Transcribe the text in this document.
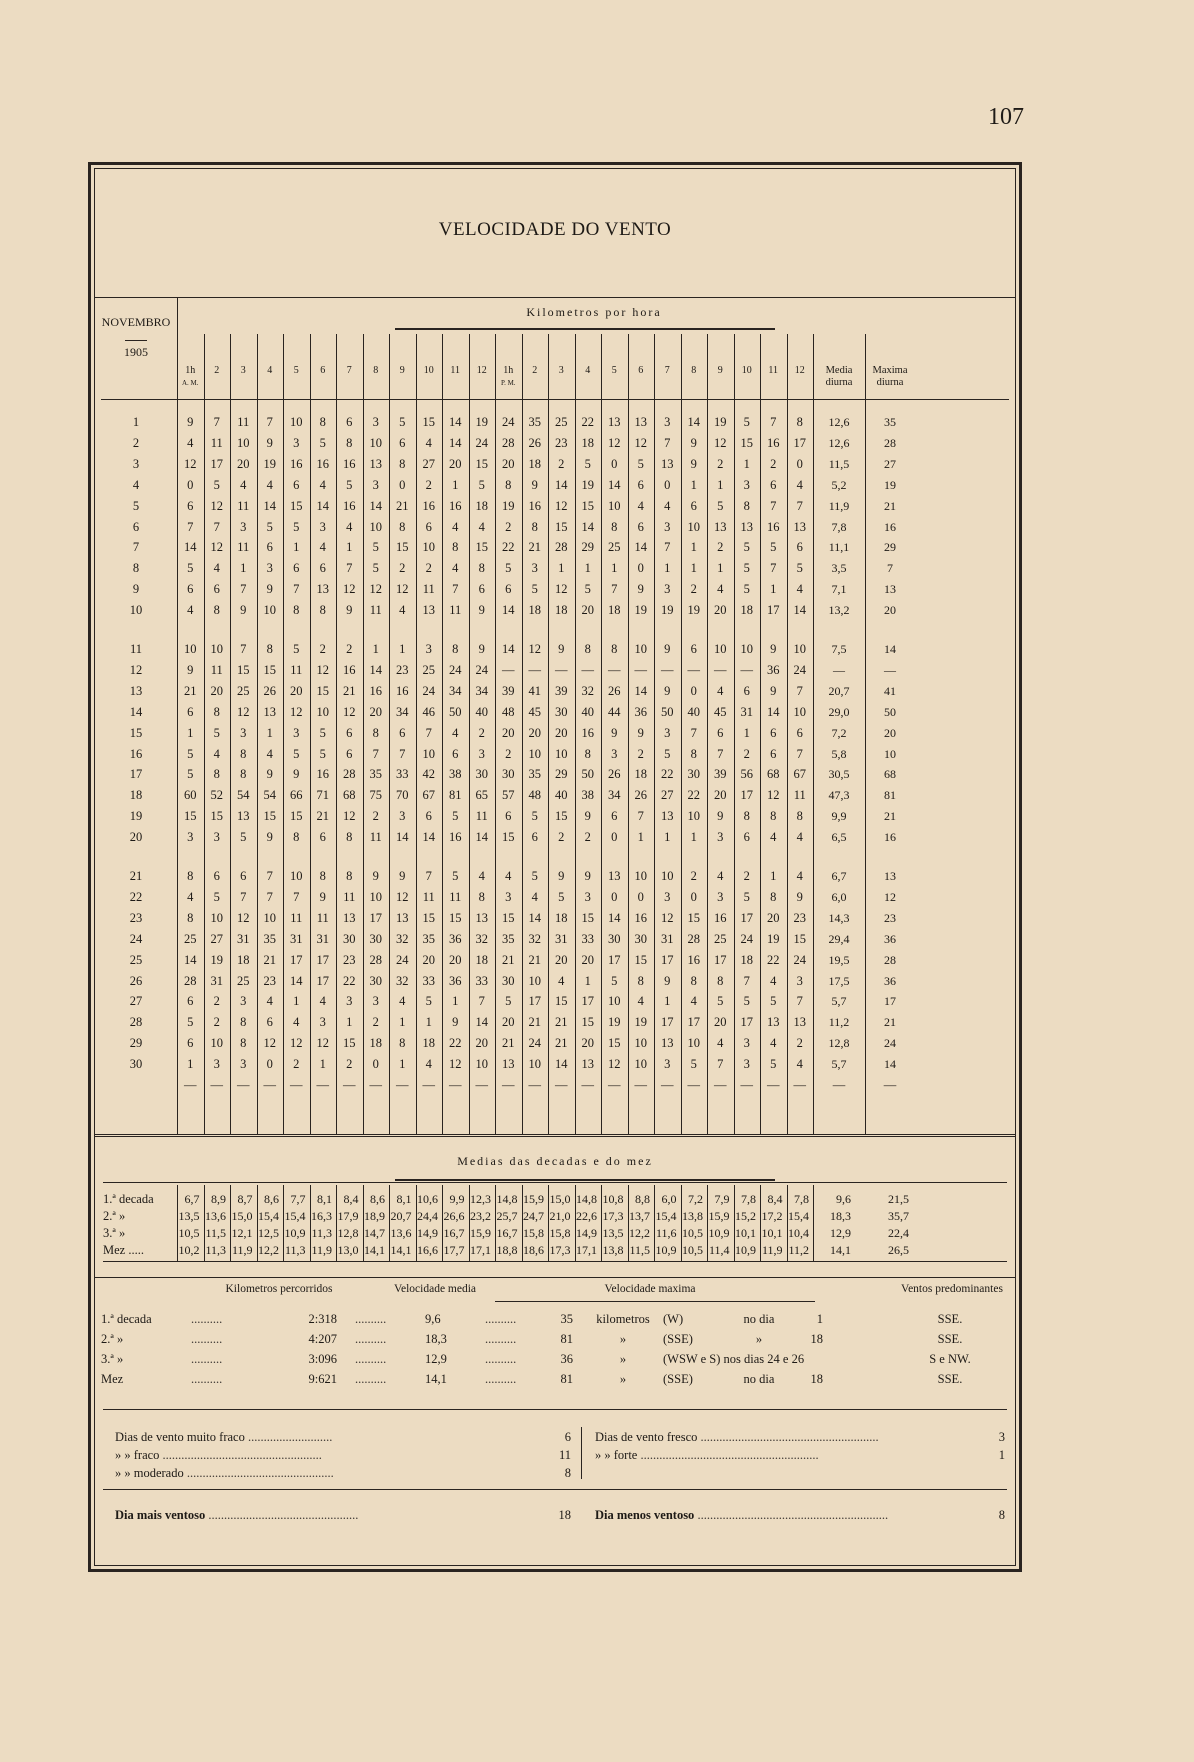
107
VELOCIDADE DO VENTO
NOVEMBRO
1905
Kilometros por hora
1h
A. M.
2	3	4	5	6	7	8	9	10	11	12	1h
P. M.
2	3	4	5	6	7	8	9	10	11	12	Media
diurna
Maxima
diurna
1	9	7	11	7	10	8	6	3	5	15	14	19	24	35	25	22	13	13	3	14	19	5	7	8	12,6	35
2	4	11	10	9	3	5	8	10	6	4	14	24	28	26	23	18	12	12	7	9	12	15	16	17	12,6	28
3	12	17	20	19	16	16	16	13	8	27	20	15	20	18	2	5	0	5	13	9	2	1	2	0	11,5	27
4	0	5	4	4	6	4	5	3	0	2	1	5	8	9	14	19	14	6	0	1	1	3	6	4	5,2	19
5	6	12	11	14	15	14	16	14	21	16	16	18	19	16	12	15	10	4	4	6	5	8	7	7	11,9	21
6	7	7	3	5	5	3	4	10	8	6	4	4	2	8	15	14	8	6	3	10	13	13	16	13	7,8	16
7	14	12	11	6	1	4	1	5	15	10	8	15	22	21	28	29	25	14	7	1	2	5	5	6	11,1	29
8	5	4	1	3	6	6	7	5	2	2	4	8	5	3	1	1	1	0	1	1	1	5	7	5	3,5	7
9	6	6	7	9	7	13	12	12	12	11	7	6	6	5	12	5	7	9	3	2	4	5	1	4	7,1	13
10	4	8	9	10	8	8	9	11	4	13	11	9	14	18	18	20	18	19	19	19	20	18	17	14	13,2	20
11	10	10	7	8	5	2	2	1	1	3	8	9	14	12	9	8	8	10	9	6	10	10	9	10	7,5	14
12	9	11	15	15	11	12	16	14	23	25	24	24	—	—	—	—	—	—	—	—	—	—	36	24	—	—
13	21	20	25	26	20	15	21	16	16	24	34	34	39	41	39	32	26	14	9	0	4	6	9	7	20,7	41
14	6	8	12	13	12	10	12	20	34	46	50	40	48	45	30	40	44	36	50	40	45	31	14	10	29,0	50
15	1	5	3	1	3	5	6	8	6	7	4	2	20	20	20	16	9	9	3	7	6	1	6	6	7,2	20
16	5	4	8	4	5	5	6	7	7	10	6	3	2	10	10	8	3	2	5	8	7	2	6	7	5,8	10
17	5	8	8	9	9	16	28	35	33	42	38	30	30	35	29	50	26	18	22	30	39	56	68	67	30,5	68
18	60	52	54	54	66	71	68	75	70	67	81	65	57	48	40	38	34	26	27	22	20	17	12	11	47,3	81
19	15	15	13	15	15	21	12	2	3	6	5	11	6	5	15	9	6	7	13	10	9	8	8	8	9,9	21
20	3	3	5	9	8	6	8	11	14	14	16	14	15	6	2	2	0	1	1	1	3	6	4	4	6,5	16
21	8	6	6	7	10	8	8	9	9	7	5	4	4	5	9	9	13	10	10	2	4	2	1	4	6,7	13
22	4	5	7	7	7	9	11	10	12	11	11	8	3	4	5	3	0	0	3	0	3	5	8	9	6,0	12
23	8	10	12	10	11	11	13	17	13	15	15	13	15	14	18	15	14	16	12	15	16	17	20	23	14,3	23
24	25	27	31	35	31	31	30	30	32	35	36	32	35	32	31	33	30	30	31	28	25	24	19	15	29,4	36
25	14	19	18	21	17	17	23	28	24	20	20	18	21	21	20	20	17	15	17	16	17	18	22	24	19,5	28
26	28	31	25	23	14	17	22	30	32	33	36	33	30	10	4	1	5	8	9	8	8	7	4	3	17,5	36
27	6	2	3	4	1	4	3	3	4	5	1	7	5	17	15	17	10	4	1	4	5	5	5	7	5,7	17
28	5	2	8	6	4	3	1	2	1	1	9	14	20	21	21	15	19	19	17	17	20	17	13	13	11,2	21
29	6	10	8	12	12	12	15	18	8	18	22	20	21	24	21	20	15	10	13	10	4	3	4	2	12,8	24
30	1	3	3	0	2	1	2	0	1	4	12	10	13	10	14	13	12	10	3	5	7	3	5	4	5,7	14
—	—	—	—	—	—	—	—	—	—	—	—	—	—	—	—	—	—	—	—	—	—	—	—	—	—
Medias das decadas e do mez
1.ª decada	6,7 8,9 8,7 8,6 7,7 8,1 8,4 8,6 8,1 10,6 9,9 12,3 14,8 15,9 15,0 14,8 10,8 8,8 6,0 7,2 7,9 7,8 8,4 7,8	9,6	21,5
2.ª »	13,5 13,6 15,0 15,4 15,4 16,3 17,9 18,9 20,7 24,4 26,6 23,2 25,7 24,7 21,0 22,6 17,3 13,7 15,4 13,8 15,9 15,2 17,2 15,4	18,3	35,7
3.ª »	10,5 11,5 12,1 12,5 10,9 11,3 12,8 14,7 13,6 14,9 16,7 15,9 16,7 15,8 15,8 14,9 13,5 12,2 11,6 10,5 10,9 10,1 10,1 10,4	12,9	22,4
Mez .....	10,2 11,3 11,9 12,2 11,3 11,9 13,0 14,1 14,1 16,6 17,7 17,1 18,8 18,6 17,3 17,1 13,8 11,5 10,9 10,5 11,4 10,9 11,9 11,2	14,1	26,5
Kilometros percorridos	Velocidade media	Velocidade maxima	Ventos predominantes
1.ª decada	..........	2:318 ..........	9,6	..........	35	kilometros	(W)	no dia	1	SSE.
2.ª »	..........	4:207 ..........	18,3	..........	81	»	(SSE)	»	18	SSE.
3.ª »	..........	3:096 ..........	12,9	..........	36	»	(WSW e S) nos dias 24 e 26	S e NW.
Mez	..........	9:621 ..........	14,1	..........	81	»	(SSE)	no dia	18	SSE.
Dias de vento muito fraco ...........................	6
» » fraco ...................................................	11
» » moderado ...............................................	8
Dias de vento fresco .........................................................	3
» » forte .........................................................	1
Dia mais ventoso ................................................	18 Dia menos ventoso .............................................................	8
